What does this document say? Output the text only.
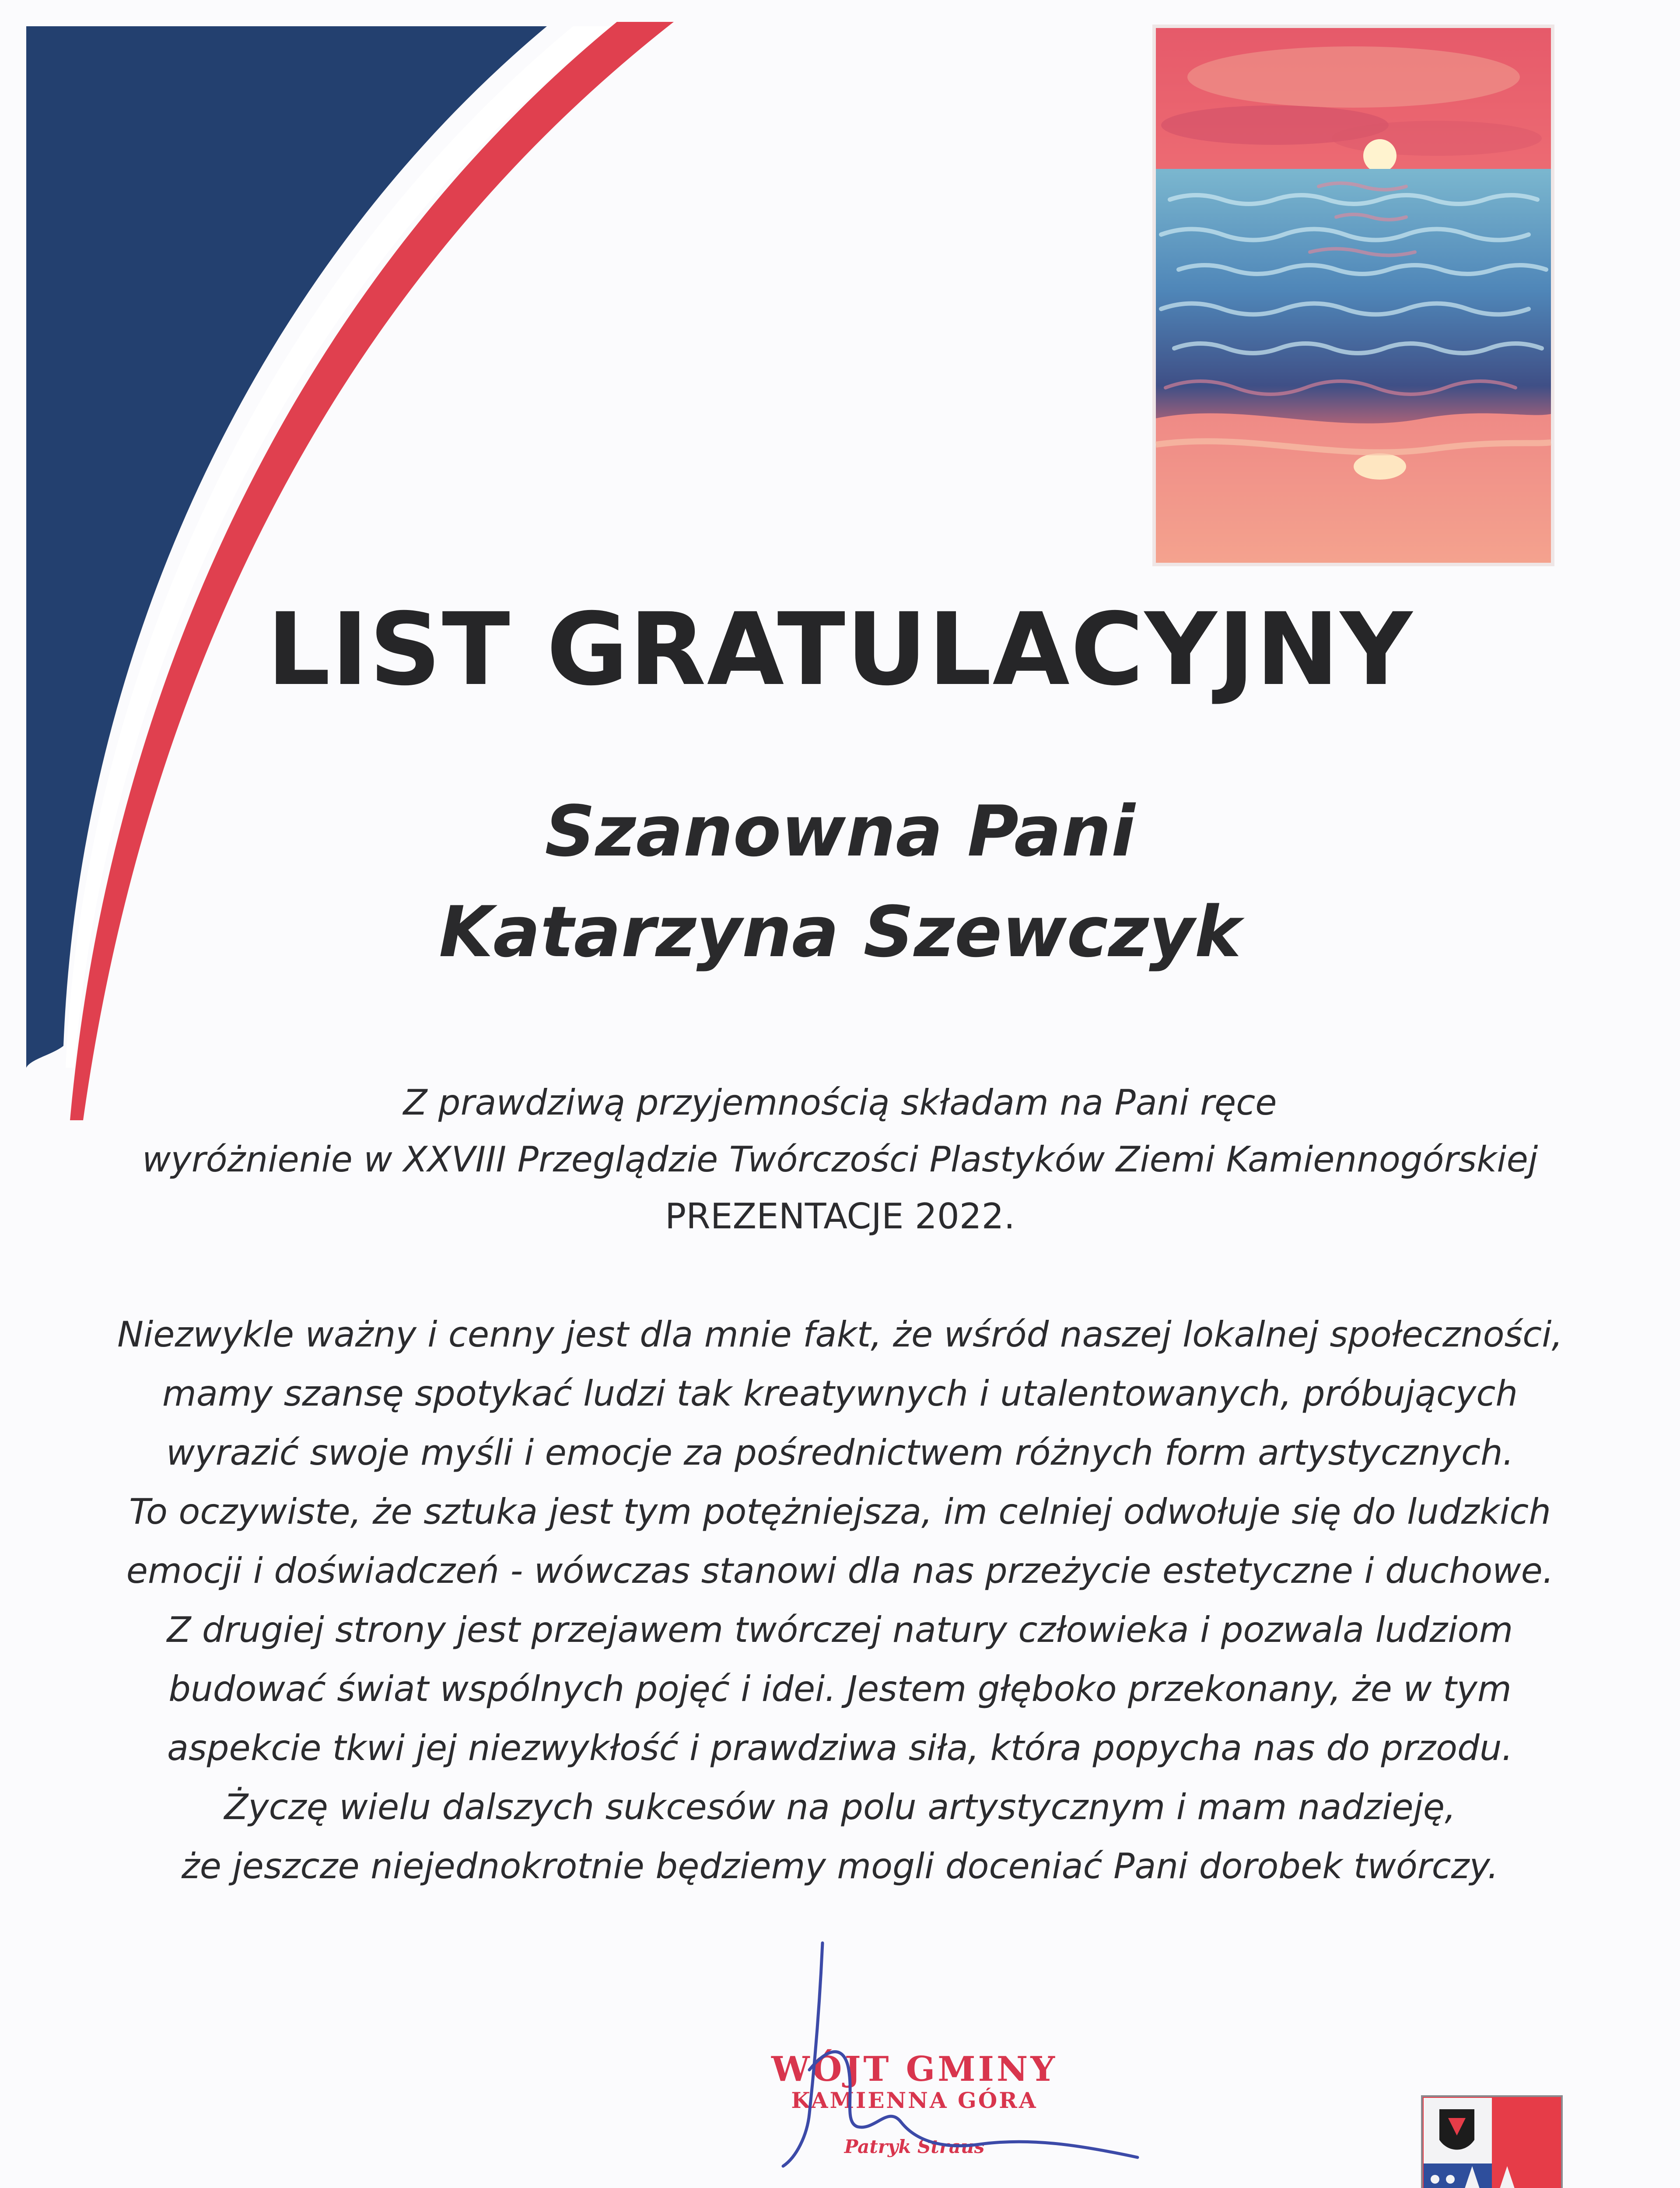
LIST GRATULACYJNY
Szanowna Pani
Katarzyna Szewczyk
Z prawdziwą przyjemnością składam na Pani ręce
wyróżnienie w XXVIII Przeglądzie Twórczości Plastyków Ziemi Kamiennogórskiej
PREZENTACJE 2022.
Niezwykle ważny i cenny jest dla mnie fakt, że wśród naszej lokalnej społeczności,
mamy szansę spotykać ludzi tak kreatywnych i utalentowanych, próbujących
wyrazić swoje myśli i emocje za pośrednictwem różnych form artystycznych.
To oczywiste, że sztuka jest tym potężniejsza, im celniej odwołuje się do ludzkich
emocji i doświadczeń - wówczas stanowi dla nas przeżycie estetyczne i duchowe.
Z drugiej strony jest przejawem twórczej natury człowieka i pozwala ludziom
budować świat wspólnych pojęć i idei. Jestem głęboko przekonany, że w tym
aspekcie tkwi jej niezwykłość i prawdziwa siła, która popycha nas do przodu.
Życzę wielu dalszych sukcesów na polu artystycznym i mam nadzieję,
że jeszcze niejednokrotnie będziemy mogli doceniać Pani dorobek twórczy.
WÓJT GMINY
KAMIENNA GÓRA
Patryk Straus
